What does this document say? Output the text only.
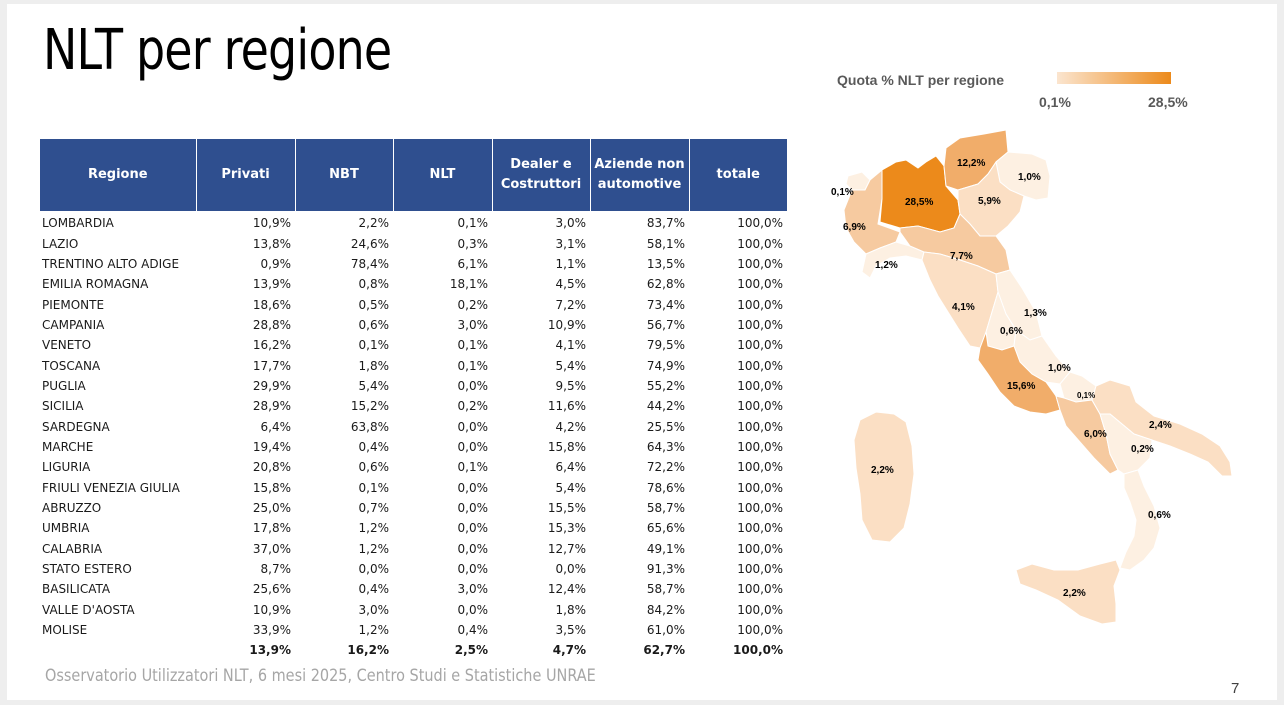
NLT per regione	Quota % NLT per regione
0,1%	28,5%
Regione	Privati	NBT	NLT	Dealer e Costruttori	Aziende non automotive	totale
LOMBARDIA	10,9%	2,2%	0,1%	3,0%	83,7%	100,0%
LAZIO	13,8%	24,6%	0,3%	3,1%	58,1%	100,0%
TRENTINO ALTO ADIGE	0,9%	78,4%	6,1%	1,1%	13,5%	100,0%
EMILIA ROMAGNA	13,9%	0,8%	18,1%	4,5%	62,8%	100,0%
PIEMONTE	18,6%	0,5%	0,2%	7,2%	73,4%	100,0%
CAMPANIA	28,8%	0,6%	3,0%	10,9%	56,7%	100,0%
VENETO	16,2%	0,1%	0,1%	4,1%	79,5%	100,0%
TOSCANA	17,7%	1,8%	0,1%	5,4%	74,9%	100,0%
PUGLIA	29,9%	5,4%	0,0%	9,5%	55,2%	100,0%
SICILIA	28,9%	15,2%	0,2%	11,6%	44,2%	100,0%
SARDEGNA	6,4%	63,8%	0,0%	4,2%	25,5%	100,0%
MARCHE	19,4%	0,4%	0,0%	15,8%	64,3%	100,0%
LIGURIA	20,8%	0,6%	0,1%	6,4%	72,2%	100,0%
FRIULI VENEZIA GIULIA	15,8%	0,1%	0,0%	5,4%	78,6%	100,0%
ABRUZZO	25,0%	0,7%	0,0%	15,5%	58,7%	100,0%
UMBRIA	17,8%	1,2%	0,0%	15,3%	65,6%	100,0%
CALABRIA	37,0%	1,2%	0,0%	12,7%	49,1%	100,0%
STATO ESTERO	8,7%	0,0%	0,0%	0,0%	91,3%	100,0%
BASILICATA	25,6%	0,4%	3,0%	12,4%	58,7%	100,0%
VALLE D'AOSTA	10,9%	3,0%	0,0%	1,8%	84,2%	100,0%
MOLISE	33,9%	1,2%	0,4%	3,5%	61,0%	100,0%
	13,9%	16,2%	2,5%	4,7%	62,7%	100,0%
0,1%
6,9%
28,5%
12,2%
1,0%
5,9%
1,2%
7,7%
4,1%
1,3%
0,6%
1,0%
15,6%
0,1%
6,0%
2,4%
0,2%
0,6%
2,2%
2,2%
Osservatorio Utilizzatori NLT, 6 mesi 2025, Centro Studi e Statistiche UNRAE
7
